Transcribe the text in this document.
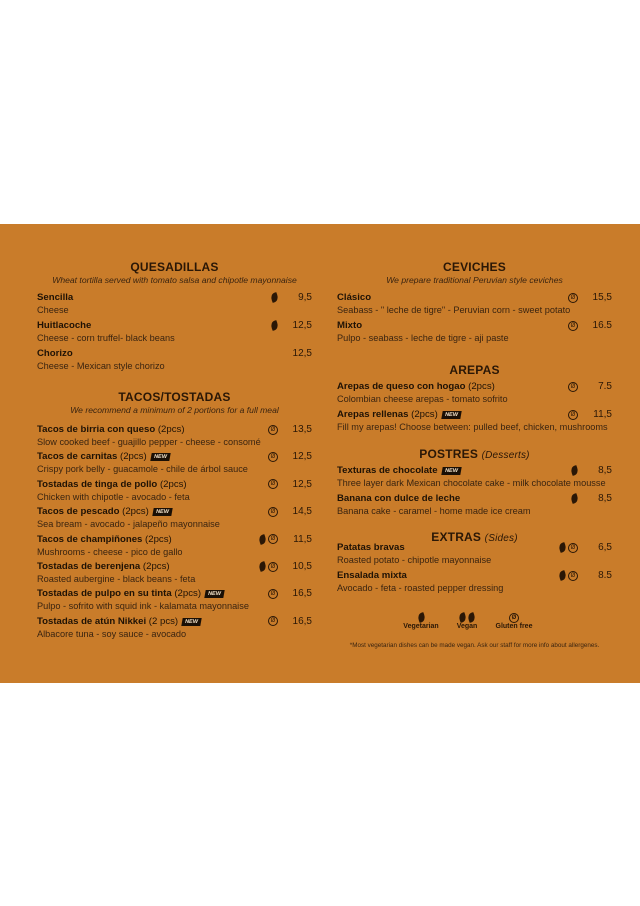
QUESADILLAS
Wheat tortilla served with tomato salsa and chipotle mayonnaise
Sencilla
Cheese
9,5
Huitlacoche
Cheese - corn truffel- black beans
12,5
Chorizo
Cheese - Mexican style chorizo
12,5
TACOS/TOSTADAS
We recommend a minimum of 2 portions for a full meal
Tacos de birria con queso (2pcs)
Slow cooked beef - guajillo pepper - cheese - consomé
Ø	13,5
Tacos de carnitas (2pcs) NEW
Crispy pork belly - guacamole - chile de árbol sauce
Ø	12,5
Tostadas de tinga de pollo (2pcs)
Chicken with chipotle - avocado - feta
Ø	12,5
Tacos de pescado (2pcs) NEW
Sea bream - avocado - jalapeño mayonnaise
Ø	14,5
Tacos de champiñones (2pcs)
Mushrooms - cheese - pico de gallo
Ø	11,5
Tostadas de berenjena (2pcs)
Roasted aubergine - black beans - feta
Ø	10,5
Tostadas de pulpo en su tinta (2pcs) NEW
Pulpo - sofrito with squid ink - kalamata mayonnaise
Ø	16,5
Tostadas de atún Nikkei (2 pcs) NEW
Albacore tuna - soy sauce - avocado
Ø	16,5
CEVICHES
We prepare traditional Peruvian style ceviches
Clásico
Seabass - " leche de tigre" - Peruvian corn - sweet potato
Ø	15,5
Mixto
Pulpo - seabass - leche de tigre - aji paste
Ø	16.5
AREPAS
Arepas de queso con hogao (2pcs)
Colombian cheese arepas - tomato sofrito
Ø	7.5
Arepas rellenas (2pcs) NEW
Fill my arepas! Choose between: pulled beef, chicken, mushrooms
Ø	11,5
POSTRES (Desserts)
Texturas de chocolate NEW
Three layer dark Mexican chocolate cake - milk chocolate mousse
8,5
Banana con dulce de leche
Banana cake - caramel - home made ice cream
8,5
EXTRAS (Sides)
Patatas bravas
Roasted potato - chipotle mayonnaise
Ø	6,5
Ensalada mixta
Avocado - feta - roasted pepper dressing
Ø	8.5
Vegetarian	Vegan
Ø
Gluten free
*Most vegetarian dishes can be made vegan. Ask our staff for more info about allergenes.
